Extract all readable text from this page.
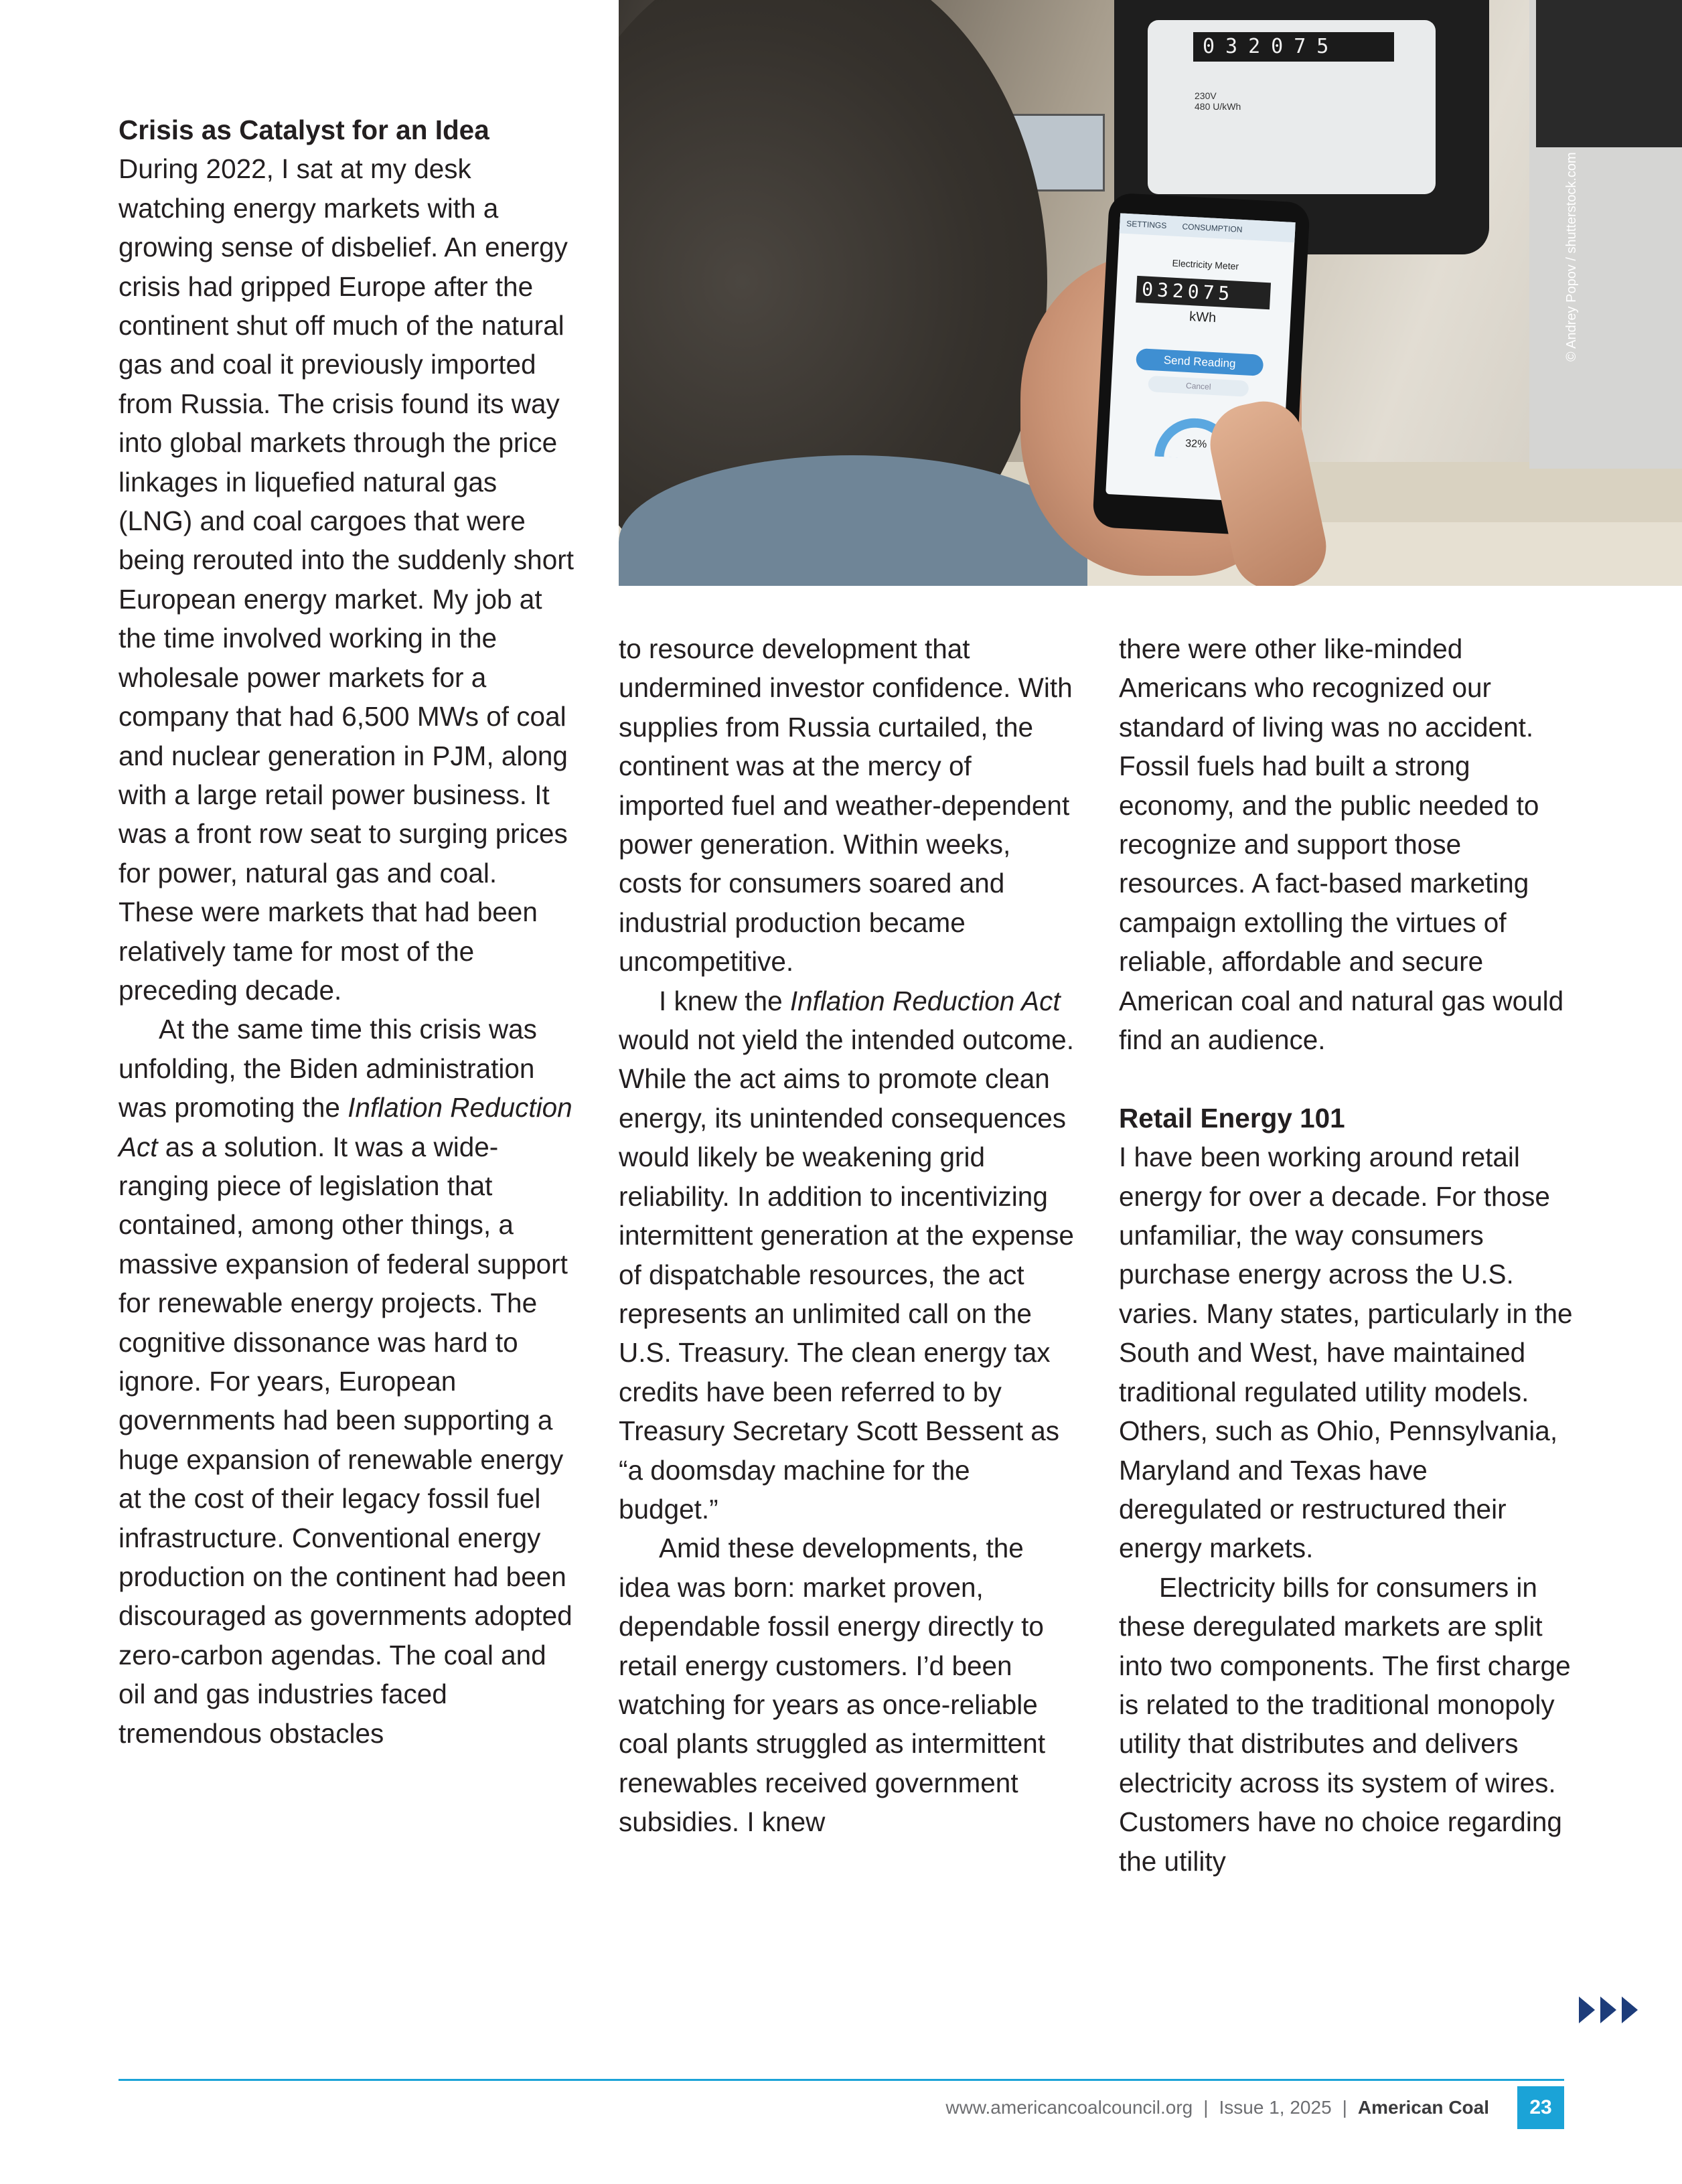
032075
230V
480 U/kWh
SETTINGS CONSUMPTION
Electricity Meter
032075
kWh
Send Reading
Cancel
32%
© Andrey Popov / shutterstock.com
Crisis as Catalyst for an Idea

During 2022, I sat at my desk watching energy markets with a growing sense of disbelief. An energy crisis had gripped Europe after the continent shut off much of the natural gas and coal it previously imported from Russia. The crisis found its way into global markets through the price linkages in liquefied natural gas (LNG) and coal cargoes that were being rerouted into the suddenly short European energy market. My job at the time involved working in the wholesale power markets for a company that had 6,500 MWs of coal and nuclear generation in PJM, along with a large retail power business. It was a front row seat to surging prices for power, natural gas and coal. These were markets that had been relatively tame for most of the preceding decade.

At the same time this crisis was unfolding, the Biden administration was promoting the Inflation Reduction Act as a solution. It was a wide-ranging piece of legislation that contained, among other things, a massive expansion of federal support for renewable energy projects. The cognitive dissonance was hard to ignore. For years, European governments had been supporting a huge expansion of renewable energy at the cost of their legacy fossil fuel infrastructure. Conventional energy production on the continent had been discouraged as governments adopted zero-carbon agendas. The coal and oil and gas industries faced tremendous obstacles

to resource development that undermined investor confidence. With supplies from Russia curtailed, the continent was at the mercy of imported fuel and weather-dependent power generation. Within weeks, costs for consumers soared and industrial production became uncompetitive.

I knew the Inflation Reduction Act would not yield the intended outcome. While the act aims to promote clean energy, its unintended consequences would likely be weakening grid reliability. In addition to incentivizing intermittent generation at the expense of dispatchable resources, the act represents an unlimited call on the U.S. Treasury. The clean energy tax credits have been referred to by Treasury Secretary Scott Bessent as “a doomsday machine for the budget.”

Amid these developments, the idea was born: market proven, dependable fossil energy directly to retail energy customers. I’d been watching for years as once-reliable coal plants struggled as intermittent renewables received government subsidies. I knew

there were other like-minded Americans who recognized our standard of living was no accident. Fossil fuels had built a strong economy, and the public needed to recognize and support those resources. A fact-based marketing campaign extolling the virtues of reliable, affordable and secure American coal and natural gas would find an audience.

Retail Energy 101

I have been working around retail energy for over a decade. For those unfamiliar, the way consumers purchase energy across the U.S. varies. Many states, particularly in the South and West, have maintained traditional regulated utility models. Others, such as Ohio, Pennsylvania, Maryland and Texas have deregulated or restructured their energy markets.

Electricity bills for consumers in these deregulated markets are split into two components. The first charge is related to the traditional monopoly utility that distributes and delivers electricity across its system of wires. Customers have no choice regarding the utility

www.americancoalcouncil.org | Issue 1, 2025 | American Coal	23
